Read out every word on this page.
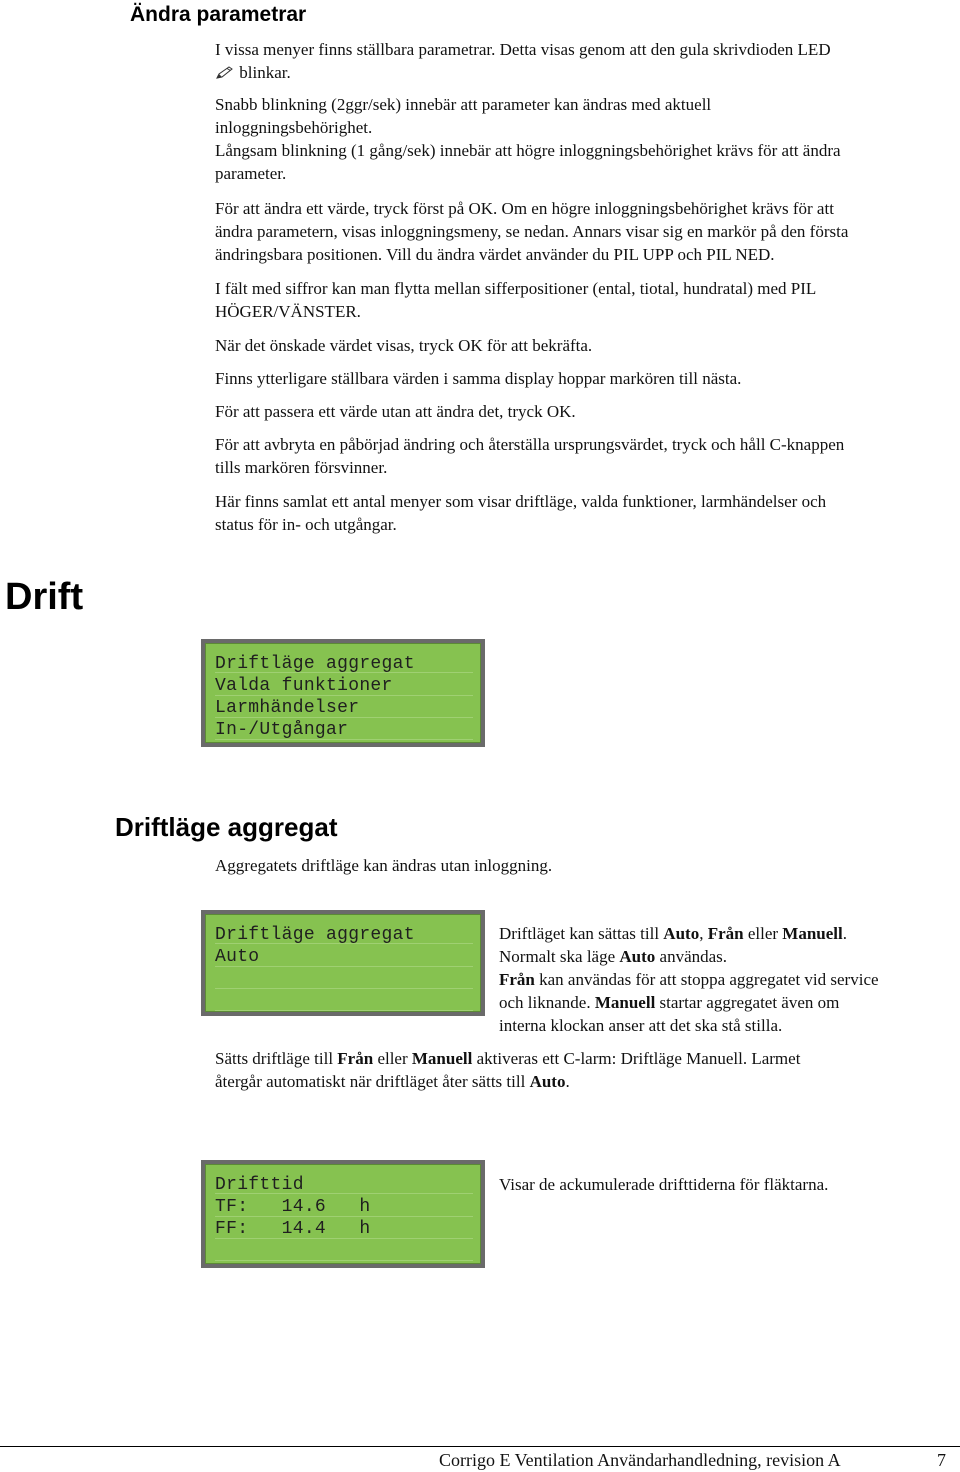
Ändra parametrar

I vissa menyer finns ställbara parametrar. Detta visas genom att den gula skrivdioden LED

blinkar.

Snabb blinkning (2ggr/sek) innebär att parameter kan ändras med aktuell

inloggningsbehörighet.

Långsam blinkning (1 gång/sek) innebär att högre inloggningsbehörighet krävs för att ändra

parameter.

För att ändra ett värde, tryck först på OK. Om en högre inloggningsbehörighet krävs för att

ändra parametern, visas inloggningsmeny, se nedan. Annars visar sig en markör på den första

ändringsbara positionen. Vill du ändra värdet använder du PIL UPP och PIL NED.

I fält med siffror kan man flytta mellan sifferpositioner (ental, tiotal, hundratal) med PIL

HÖGER/VÄNSTER.

När det önskade värdet visas, tryck OK för att bekräfta.

Finns ytterligare ställbara värden i samma display hoppar markören till nästa.

För att passera ett värde utan att ändra det, tryck OK.

För att avbryta en påbörjad ändring och återställa ursprungsvärdet, tryck och håll C-knappen

tills markören försvinner.

Här finns samlat ett antal menyer som visar driftläge, valda funktioner, larmhändelser och

status för in- och utgångar.

Drift
Driftläge aggregat
Valda funktioner
Larmhändelser
In-/Utgångar
Driftläge aggregat

Aggregatets driftläge kan ändras utan inloggning.

Driftläge aggregat
Auto

Driftläget kan sättas till Auto, Från eller Manuell.

Normalt ska läge Auto användas.

Från kan användas för att stoppa aggregatet vid service

och liknande. Manuell startar aggregatet även om

interna klockan anser att det ska stå stilla.

Sätts driftläge till Från eller Manuell aktiveras ett C-larm: Driftläge Manuell. Larmet

återgår automatiskt när driftläget åter sätts till Auto.

Drifttid
TF:   14.6   h
FF:   14.4   h

Visar de ackumulerade drifttiderna för fläktarna.

Corrigo E Ventilation Användarhandledning, revision A	7
